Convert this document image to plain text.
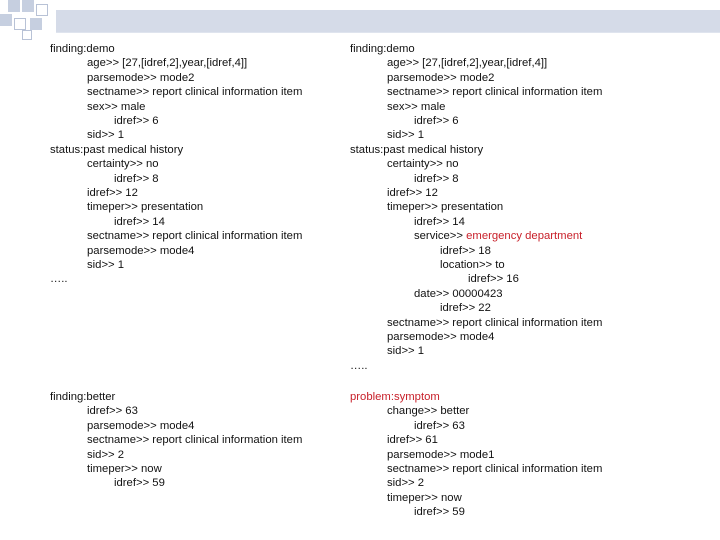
finding:demo
age>> [27,[idref,2],year,[idref,4]]
parsemode>> mode2
sectname>> report clinical information item
sex>> male
idref>> 6
sid>> 1
status:past medical history
certainty>> no
idref>> 8
idref>> 12
timeper>> presentation
idref>> 14
sectname>> report clinical information item
parsemode>> mode4
sid>> 1
…..
finding:demo
age>> [27,[idref,2],year,[idref,4]]
parsemode>> mode2
sectname>> report clinical information item
sex>> male
idref>> 6
sid>> 1
status:past medical history
certainty>> no
idref>> 8
idref>> 12
timeper>> presentation
idref>> 14
service>> emergency department
idref>> 18
location>> to
idref>> 16
date>> 00000423
idref>> 22
sectname>> report clinical information item
parsemode>> mode4
sid>> 1
…..
finding:better
idref>> 63
parsemode>> mode4
sectname>> report clinical information item
sid>> 2
timeper>> now
idref>> 59
problem:symptom
change>> better
idref>> 63
idref>> 61
parsemode>> mode1
sectname>> report clinical information item
sid>> 2
timeper>> now
idref>> 59
